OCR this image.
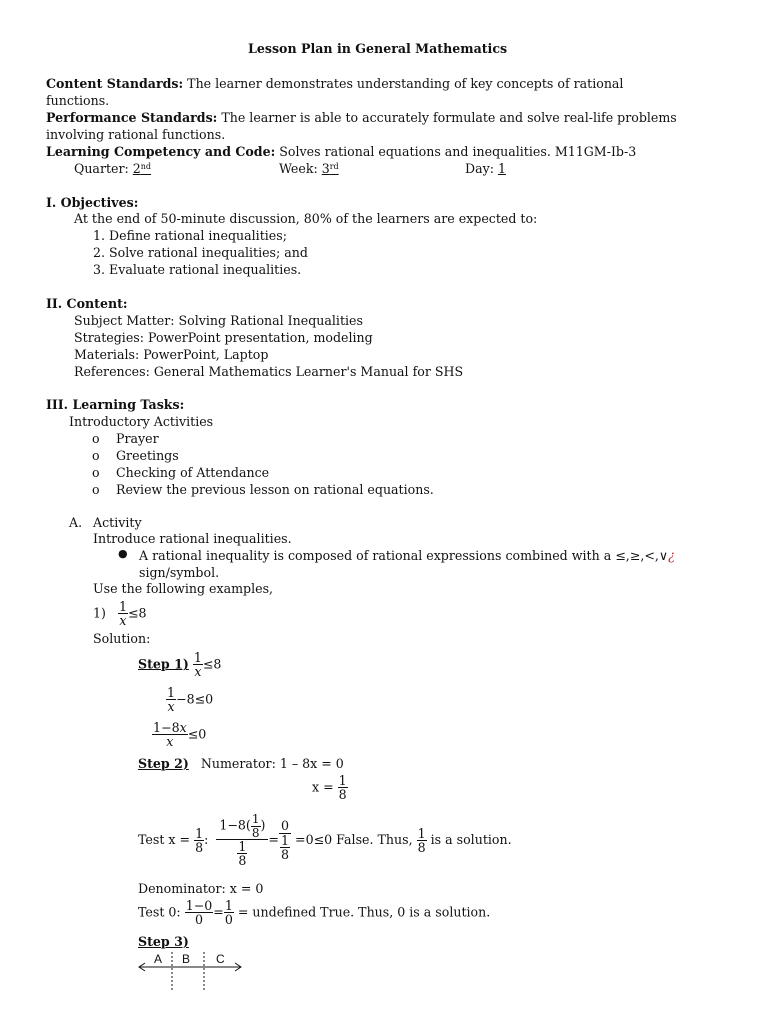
Lesson Plan in General Mathematics
Content Standards: The learner demonstrates understanding of key concepts of rational
functions.
Performance Standards: The learner is able to accurately formulate and solve real-life problems
involving rational functions.
Learning Competency and Code: Solves rational equations and inequalities. M11GM-Ib-3
Quarter: 2nd	Week: 3rd	Day: 1
I. Objectives:
At the end of 50-minute discussion, 80% of the learners are expected to:
1. Define rational inequalities;
2. Solve rational inequalities; and
3. Evaluate rational inequalities.
II. Content:
Subject Matter: Solving Rational Inequalities
Strategies: PowerPoint presentation, modeling
Materials: PowerPoint, Laptop
References: General Mathematics Learner's Manual for SHS
III. Learning Tasks:
Introductory Activities
o Prayer
o Greetings
o Checking of Attendance
o Review the previous lesson on rational equations.
A. Activity
Introduce rational inequalities.
● A rational inequality is composed of rational expressions combined with a ≤,≥,<,∨¿
sign/symbol.
Use the following examples,
$1) \frac{1}{x} \le 8$
Solution:
Step $1) \frac{1}{x} \le 8$
$\frac{1}{x} -8\le 0$
$\frac{1-8x}{x} \le 0$
Step 2) Numerator: 1 – 8x = 0
$x = \frac{1}{8}$
Test $x = \frac{1}{8}$ : $\frac{1-8( \frac{1}{8} )}{\frac{1}{8}} = \frac{0}{\frac{1}{8}} =0\le 0$ False. Thus, $\frac{1}{8}$ is a solution.
Denominator: x = 0
Test 0: $\frac{1-0}{0} = \frac{1}{0}$ = undefined True. Thus, 0 is a solution.
Step 3)
A B C
